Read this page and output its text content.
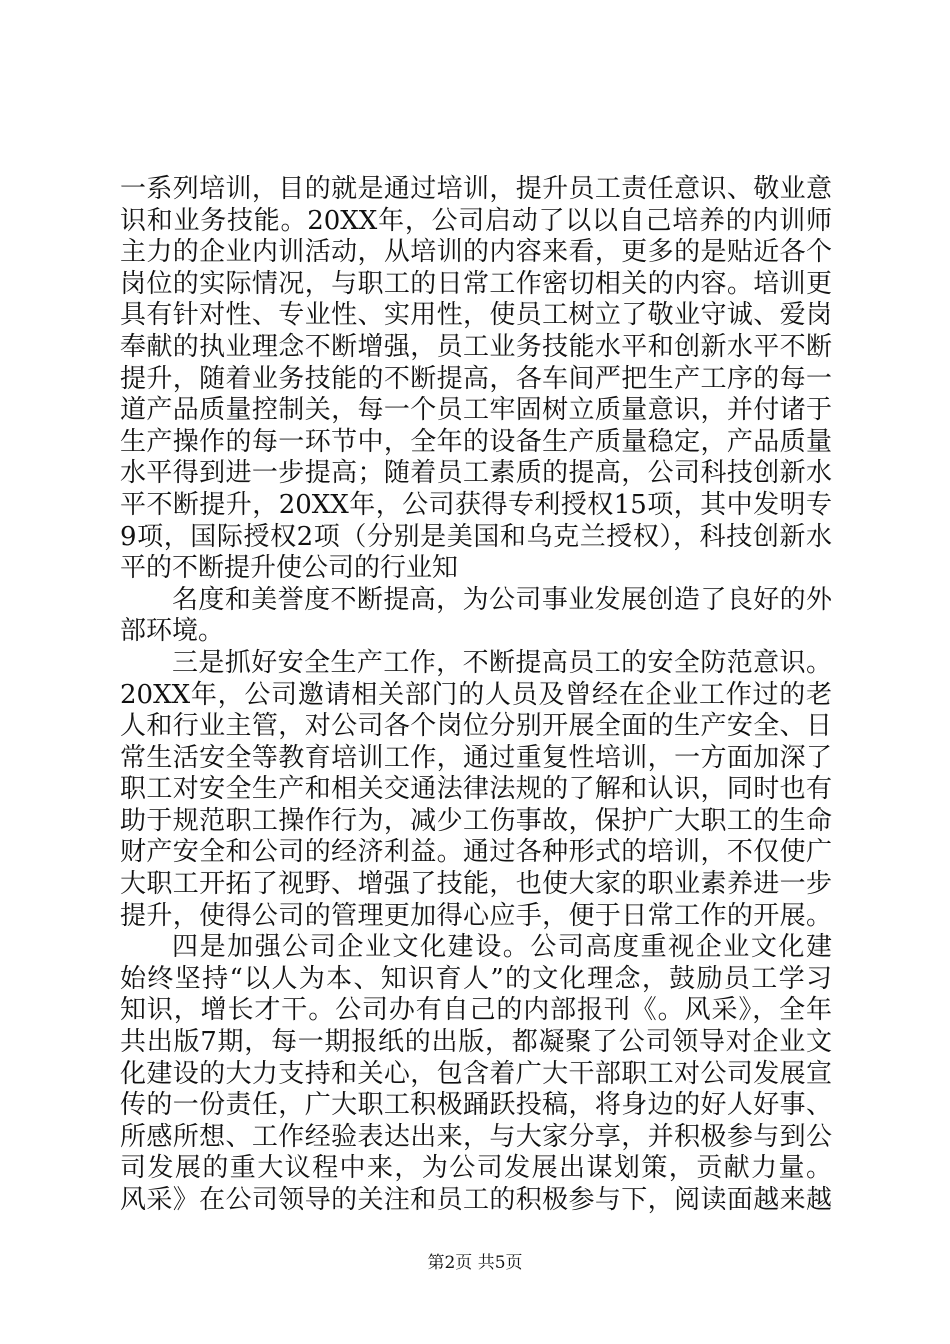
一系列培训，目的就是通过培训，提升员工责任意识、敬业意
识和业务技能。20XX年，公司启动了以以自己培养的内训师
主力的企业内训活动，从培训的内容来看，更多的是贴近各个
岗位的实际情况，与职工的日常工作密切相关的内容。培训更
具有针对性、专业性、实用性，使员工树立了敬业守诚、爱岗
奉献的执业理念不断增强，员工业务技能水平和创新水平不断
提升，随着业务技能的不断提高，各车间严把生产工序的每一
道产品质量控制关，每一个员工牢固树立质量意识，并付诸于
生产操作的每一环节中，全年的设备生产质量稳定，产品质量
水平得到进一步提高；随着员工素质的提高，公司科技创新水
平不断提升，20XX年，公司获得专利授权15项，其中发明专
9项，国际授权2项（分别是美国和乌克兰授权），科技创新水
平的不断提升使公司的行业知
名度和美誉度不断提高，为公司事业发展创造了良好的外
部环境。
三是抓好安全生产工作，不断提高员工的安全防范意识。
20XX年，公司邀请相关部门的人员及曾经在企业工作过的老
人和行业主管，对公司各个岗位分别开展全面的生产安全、日
常生活安全等教育培训工作，通过重复性培训，一方面加深了
职工对安全生产和相关交通法律法规的了解和认识，同时也有
助于规范职工操作行为，减少工伤事故，保护广大职工的生命
财产安全和公司的经济利益。通过各种形式的培训，不仅使广
大职工开拓了视野、增强了技能，也使大家的职业素养进一步
提升，使得公司的管理更加得心应手，便于日常工作的开展。
四是加强公司企业文化建设。公司高度重视企业文化建
始终坚持“以人为本、知识育人”的文化理念，鼓励员工学习
知识，增长才干。公司办有自己的内部报刊《。风采》，全年
共出版7期，每一期报纸的出版，都凝聚了公司领导对企业文
化建设的大力支持和关心，包含着广大干部职工对公司发展宣
传的一份责任，广大职工积极踊跃投稿，将身边的好人好事、
所感所想、工作经验表达出来，与大家分享，并积极参与到公
司发展的重大议程中来，为公司发展出谋划策，贡献力量。
风采》在公司领导的关注和员工的积极参与下，阅读面越来越
第2页 共5页
